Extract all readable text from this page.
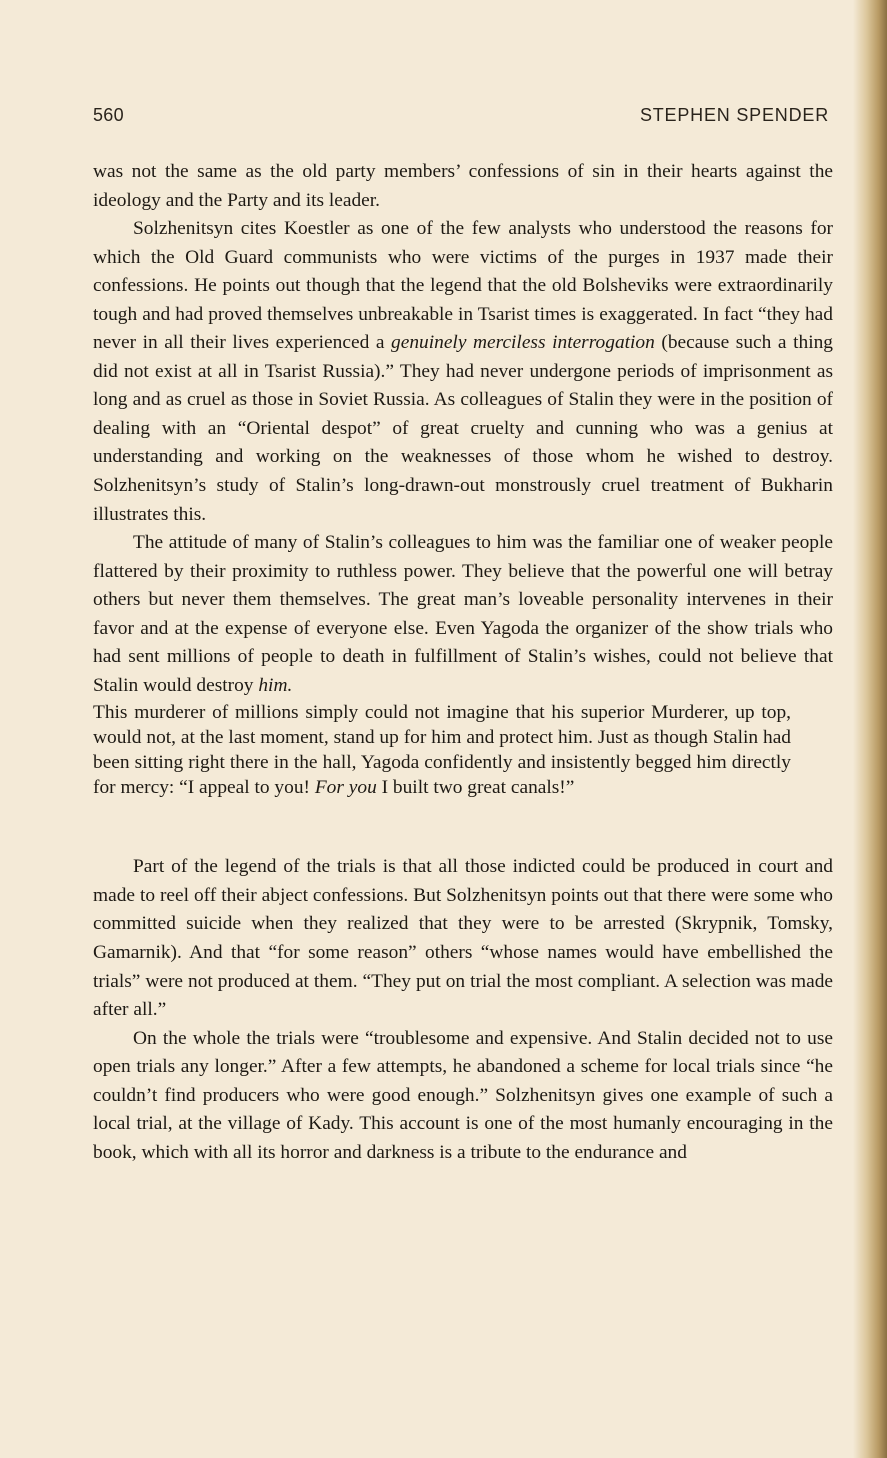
560	STEPHEN SPENDER

was not the same as the old party members’ confessions of sin in their hearts against the ideology and the Party and its leader.

Solzhenitsyn cites Koestler as one of the few analysts who understood the reasons for which the Old Guard communists who were victims of the purges in 1937 made their confessions. He points out though that the legend that the old Bolsheviks were extraordinarily tough and had proved themselves unbreakable in Tsarist times is exaggerated. In fact “they had never in all their lives experienced a genuinely merciless interrogation (because such a thing did not exist at all in Tsarist Russia).” They had never undergone periods of imprisonment as long and as cruel as those in Soviet Russia. As colleagues of Stalin they were in the position of dealing with an “Oriental despot” of great cruelty and cunning who was a genius at understanding and working on the weaknesses of those whom he wished to destroy. Solzhenitsyn’s study of Stalin’s long-drawn-out monstrously cruel treatment of Bukharin illustrates this.

The attitude of many of Stalin’s colleagues to him was the familiar one of weaker people flattered by their proximity to ruthless power. They believe that the powerful one will betray others but never them themselves. The great man’s loveable personality intervenes in their favor and at the expense of everyone else. Even Yagoda the organizer of the show trials who had sent millions of people to death in fulfillment of Stalin’s wishes, could not believe that Stalin would destroy him.

This murderer of millions simply could not imagine that his superior Murderer, up top, would not, at the last moment, stand up for him and protect him. Just as though Stalin had been sitting right there in the hall, Yagoda confidently and insistently begged him directly for mercy: “I appeal to you! For you I built two great canals!”

Part of the legend of the trials is that all those indicted could be produced in court and made to reel off their abject confessions. But Solzhenitsyn points out that there were some who committed suicide when they realized that they were to be arrested (Skrypnik, Tomsky, Gamarnik). And that “for some reason” others “whose names would have embellished the trials” were not produced at them. “They put on trial the most compliant. A selection was made after all.”

On the whole the trials were “troublesome and expensive. And Stalin decided not to use open trials any longer.” After a few attempts, he abandoned a scheme for local trials since “he couldn’t find producers who were good enough.” Solzhenitsyn gives one example of such a local trial, at the village of Kady. This account is one of the most humanly encouraging in the book, which with all its horror and darkness is a tribute to the endurance and
